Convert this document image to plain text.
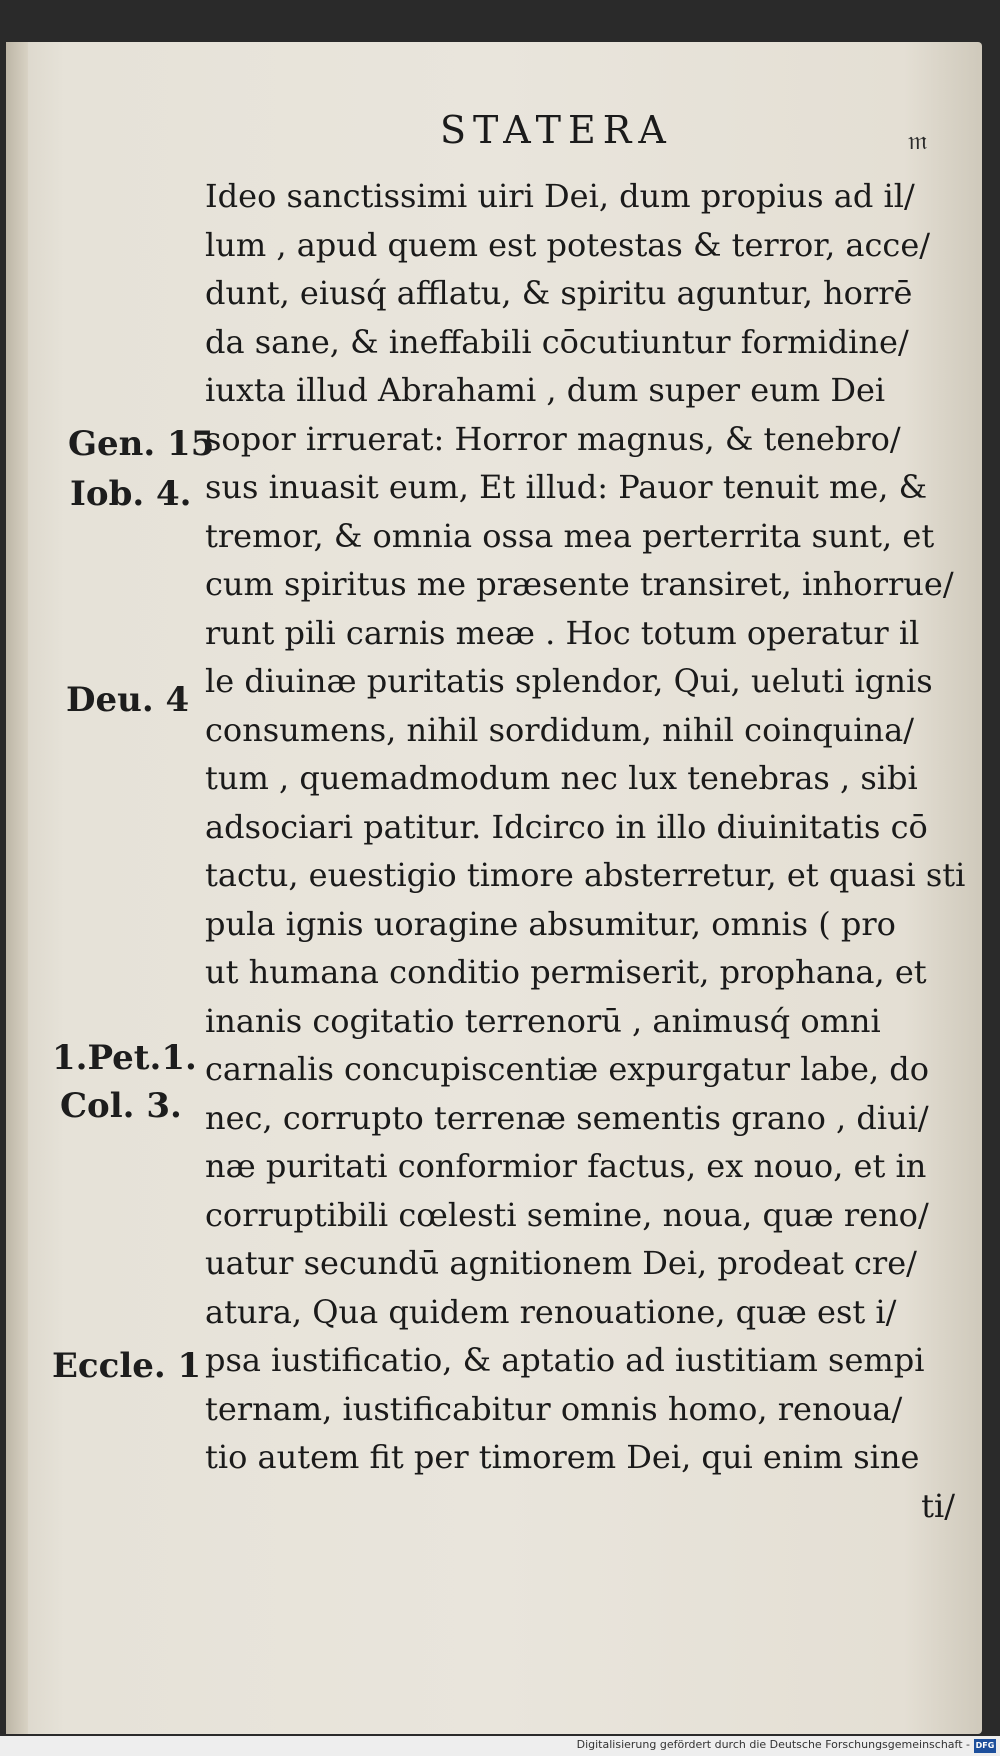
STATERA	𝔪
Ideo sanctissimi uiri Dei, dum propius ad il/
lum , apud quem est potestas & terror, acce/
dunt, eiusq́ afflatu, & spiritu aguntur, horrē
da sane, & ineffabili cōcutiuntur formidine/
iuxta illud Abrahami , dum super eum Dei
sopor irruerat: Horror magnus, & tenebro/
sus inuasit eum, Et illud: Pauor tenuit me, &
tremor, & omnia ossa mea perterrita sunt, et
cum spiritus me præsente transiret, inhorrue/
runt pili carnis meæ . Hoc totum operatur il
le diuinæ puritatis splendor, Qui, ueluti ignis
consumens, nihil sordidum, nihil coinquina/
tum , quemadmodum nec lux tenebras , sibi
adsociari patitur. Idcirco in illo diuinitatis cō
tactu, euestigio timore absterretur, et quasi sti
pula ignis uoragine absumitur, omnis ( pro
ut humana conditio permiserit, prophana, et
inanis cogitatio terrenorū , animusq́ omni
carnalis concupiscentiæ expurgatur labe, do
nec, corrupto terrenæ sementis grano , diui/
næ puritati conformior factus, ex nouo, et in
corruptibili cœlesti semine, noua, quæ reno/
uatur secundū agnitionem Dei, prodeat cre/
atura, Qua quidem renouatione, quæ est i/
psa iustificatio, & aptatio ad iustitiam sempi
ternam, iustificabitur omnis homo, renoua/
tio autem fit per timorem Dei, qui enim sine
ti/
Gen. 15
Iob. 4.
Deu. 4
1.Pet.1.
Col. 3.
Eccle. 1
Digitalisierung gefördert durch die Deutsche Forschungsgemeinschaft - DFG
